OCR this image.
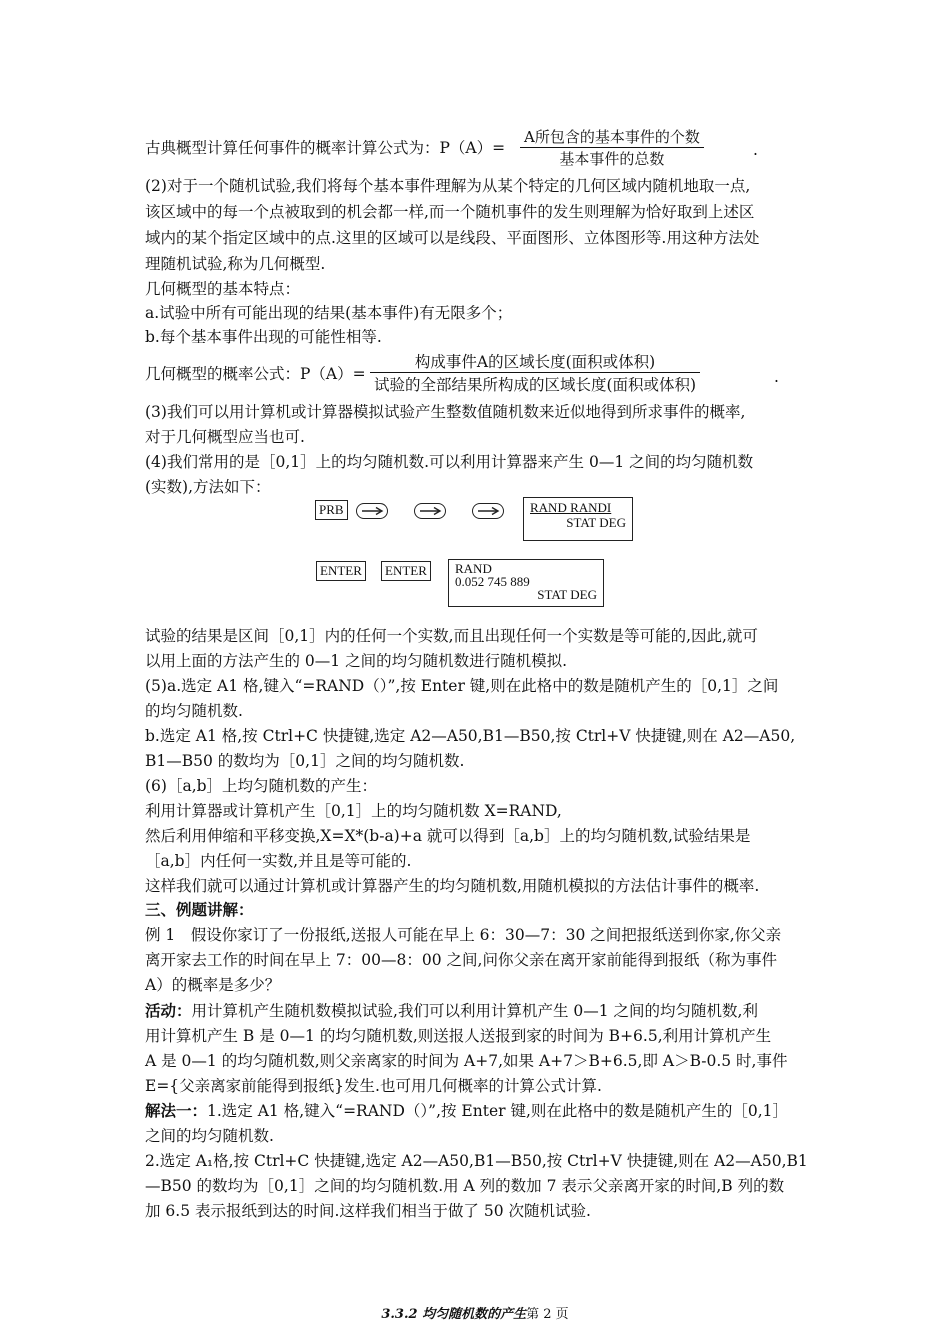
古典概型计算任何事件的概率计算公式为：P（A）=
A所包含的基本事件的个数
基本事件的总数	.
(2)对于一个随机试验,我们将每个基本事件理解为从某个特定的几何区域内随机地取一点,
该区域中的每一个点被取到的机会都一样,而一个随机事件的发生则理解为恰好取到上述区
域内的某个指定区域中的点.这里的区域可以是线段、平面图形、立体图形等.用这种方法处
理随机试验,称为几何概型.
几何概型的基本特点：
a.试验中所有可能出现的结果(基本事件)有无限多个；
b.每个基本事件出现的可能性相等.
几何概型的概率公式：P（A）=
构成事件A的区域长度(面积或体积)
试验的全部结果所构成的区域长度(面积或体积)	.
(3)我们可以用计算机或计算器模拟试验产生整数值随机数来近似地得到所求事件的概率,
对于几何概型应当也可.
(4)我们常用的是［0,1］上的均匀随机数.可以利用计算器来产生 0—1 之间的均匀随机数
(实数),方法如下：
PRB	RAND RANDI
STAT DEG
ENTER	ENTER	RAND
0.052 745 889
STAT DEG
试验的结果是区间［0,1］内的任何一个实数,而且出现任何一个实数是等可能的,因此,就可
以用上面的方法产生的 0—1 之间的均匀随机数进行随机模拟.
(5)a.选定 A1 格,键入“=RAND（）”,按 Enter 键,则在此格中的数是随机产生的［0,1］之间
的均匀随机数.
b.选定 A1 格,按 Ctrl+C 快捷键,选定 A2—A50,B1—B50,按 Ctrl+V 快捷键,则在 A2—A50,
B1—B50 的数均为［0,1］之间的均匀随机数.
(6)［a,b］上均匀随机数的产生：
利用计算器或计算机产生［0,1］上的均匀随机数 X=RAND,
然后利用伸缩和平移变换,X=X*(b-a)+a 就可以得到［a,b］上的均匀随机数,试验结果是
［a,b］内任何一实数,并且是等可能的.
这样我们就可以通过计算机或计算器产生的均匀随机数,用随机模拟的方法估计事件的概率.
三、例题讲解：
例 1　假设你家订了一份报纸,送报人可能在早上 6：30—7：30 之间把报纸送到你家,你父亲
离开家去工作的时间在早上 7：00—8：00 之间,问你父亲在离开家前能得到报纸（称为事件
A）的概率是多少？
活动：用计算机产生随机数模拟试验,我们可以利用计算机产生 0—1 之间的均匀随机数,利
用计算机产生 B 是 0—1 的均匀随机数,则送报人送报到家的时间为 B+6.5,利用计算机产生
A 是 0—1 的均匀随机数,则父亲离家的时间为 A+7,如果 A+7＞B+6.5,即 A＞B-0.5 时,事件
E={父亲离家前能得到报纸}发生.也可用几何概率的计算公式计算.
解法一：1.选定 A1 格,键入“=RAND（）”,按 Enter 键,则在此格中的数是随机产生的［0,1］
之间的均匀随机数.
2.选定 A₁格,按 Ctrl+C 快捷键,选定 A2—A50,B1—B50,按 Ctrl+V 快捷键,则在 A2—A50,B1
—B50 的数均为［0,1］之间的均匀随机数.用 A 列的数加 7 表示父亲离开家的时间,B 列的数
加 6.5 表示报纸到达的时间.这样我们相当于做了 50 次随机试验.
3.3.2 均匀随机数的产生第 2 页
